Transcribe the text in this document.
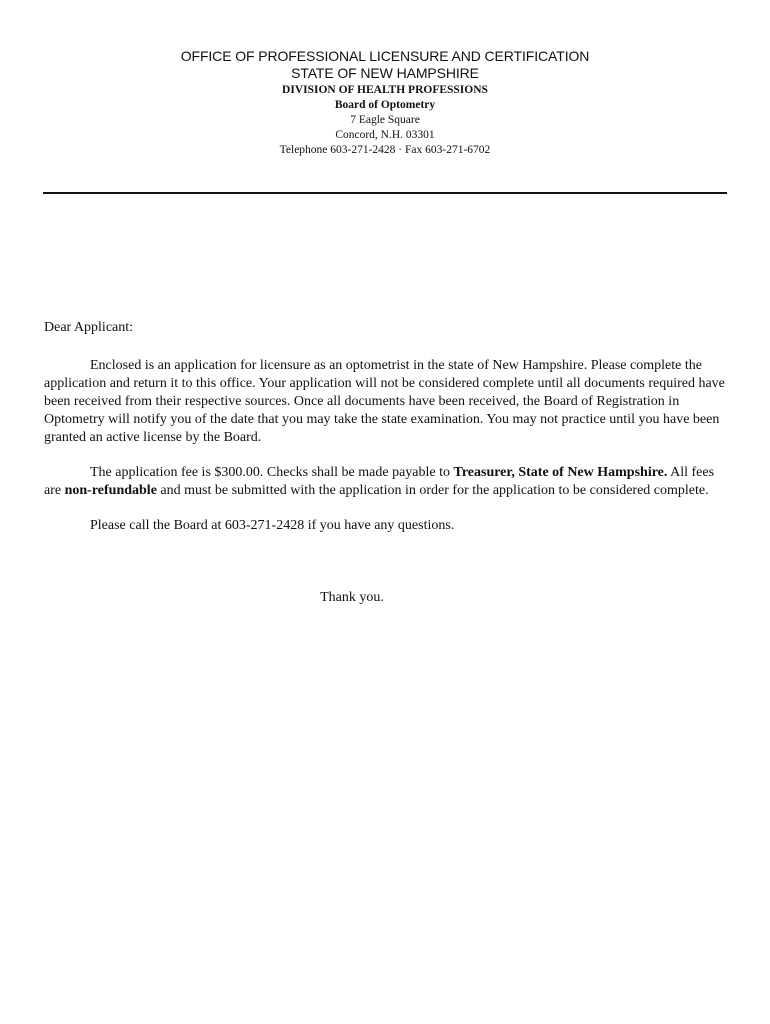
OFFICE OF PROFESSIONAL LICENSURE AND CERTIFICATION
STATE OF NEW HAMPSHIRE
DIVISION OF HEALTH PROFESSIONS
Board of Optometry
7 Eagle Square
Concord, N.H. 03301
Telephone 603-271-2428 · Fax 603-271-6702

Dear Applicant:

Enclosed is an application for licensure as an optometrist in the state of New Hampshire. Please complete the application and return it to this office. Your application will not be considered complete until all documents required have been received from their respective sources. Once all documents have been received, the Board of Registration in Optometry will notify you of the date that you may take the state examination. You may not practice until you have been granted an active license by the Board.

The application fee is $300.00. Checks shall be made payable to Treasurer, State of New Hampshire. All fees are non-refundable and must be submitted with the application in order for the application to be considered complete.

Please call the Board at 603-271-2428 if you have any questions.

Thank you.
